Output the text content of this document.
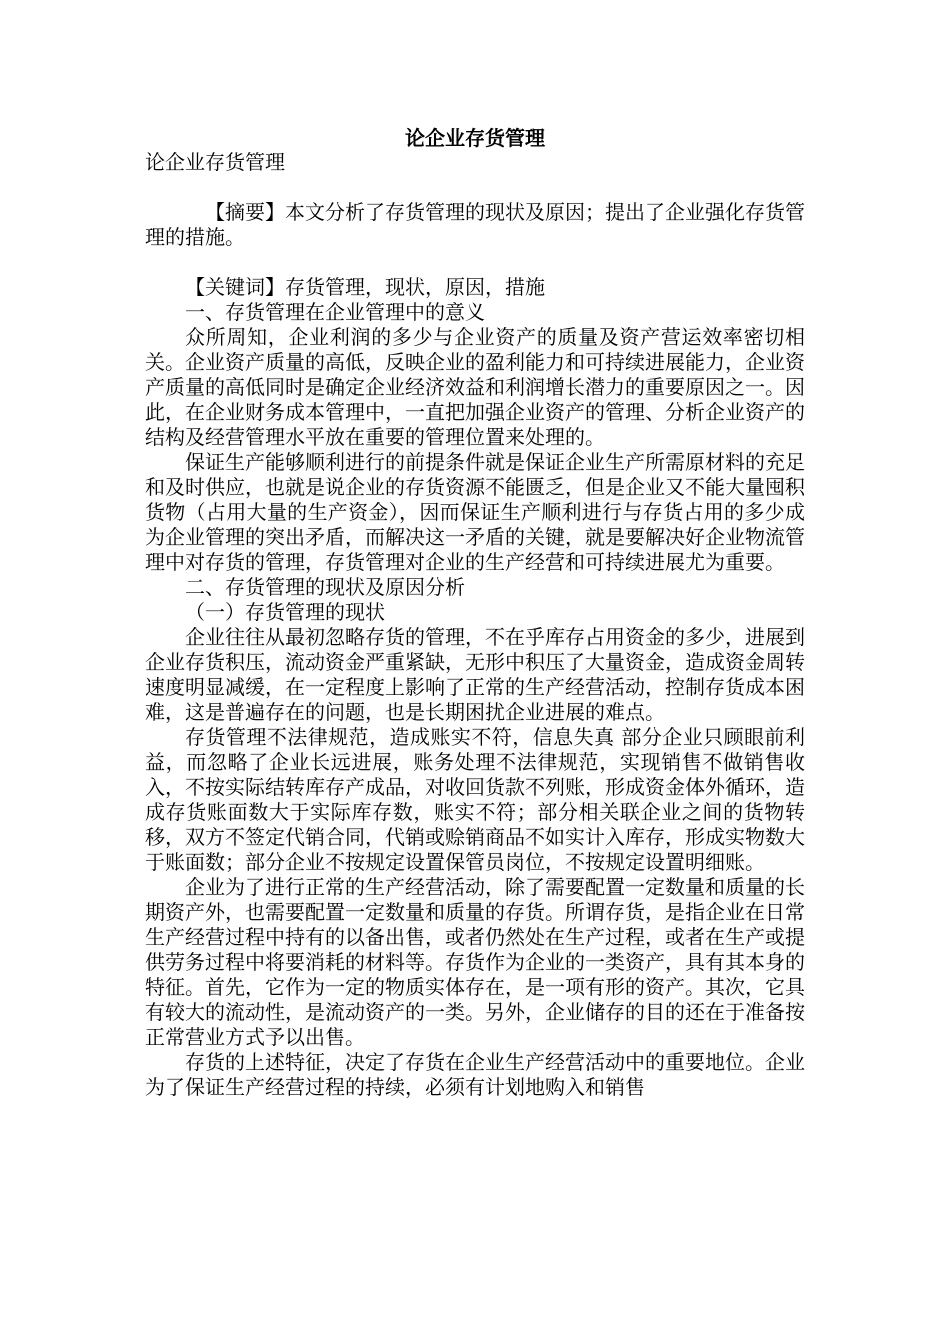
论企业存货管理

论企业存货管理

【摘要】本文分析了存货管理的现状及原因；提出了企业强化存货管理的措施。

【关键词】存货管理，现状，原因，措施

一、存货管理在企业管理中的意义

众所周知，企业利润的多少与企业资产的质量及资产营运效率密切相关。企业资产质量的高低，反映企业的盈利能力和可持续进展能力，企业资产质量的高低同时是确定企业经济效益和利润增长潜力的重要原因之一。因此，在企业财务成本管理中，一直把加强企业资产的管理、分析企业资产的结构及经营管理水平放在重要的管理位置来处理的。

保证生产能够顺利进行的前提条件就是保证企业生产所需原材料的充足和及时供应，也就是说企业的存货资源不能匮乏，但是企业又不能大量囤积货物（占用大量的生产资金），因而保证生产顺利进行与存货占用的多少成为企业管理的突出矛盾，而解决这一矛盾的关键，就是要解决好企业物流管理中对存货的管理，存货管理对企业的生产经营和可持续进展尤为重要。

二、存货管理的现状及原因分析

（一）存货管理的现状

企业往往从最初忽略存货的管理，不在乎库存占用资金的多少，进展到企业存货积压，流动资金严重紧缺，无形中积压了大量资金，造成资金周转速度明显减缓，在一定程度上影响了正常的生产经营活动，控制存货成本困难，这是普遍存在的问题，也是长期困扰企业进展的难点。

存货管理不法律规范，造成账实不符，信息失真 部分企业只顾眼前利益，而忽略了企业长远进展，账务处理不法律规范，实现销售不做销售收入，不按实际结转库存产成品，对收回货款不列账，形成资金体外循环，造成存货账面数大于实际库存数，账实不符；部分相关联企业之间的货物转移，双方不签定代销合同，代销或赊销商品不如实计入库存，形成实物数大于账面数；部分企业不按规定设置保管员岗位，不按规定设置明细账。

企业为了进行正常的生产经营活动，除了需要配置一定数量和质量的长期资产外，也需要配置一定数量和质量的存货。所谓存货，是指企业在日常生产经营过程中持有的以备出售，或者仍然处在生产过程，或者在生产或提供劳务过程中将要消耗的材料等。存货作为企业的一类资产，具有其本身的特征。首先，它作为一定的物质实体存在，是一项有形的资产。其次，它具有较大的流动性，是流动资产的一类。另外，企业储存的目的还在于准备按正常营业方式予以出售。

存货的上述特征，决定了存货在企业生产经营活动中的重要地位。企业为了保证生产经营过程的持续，必须有计划地购入和销售
